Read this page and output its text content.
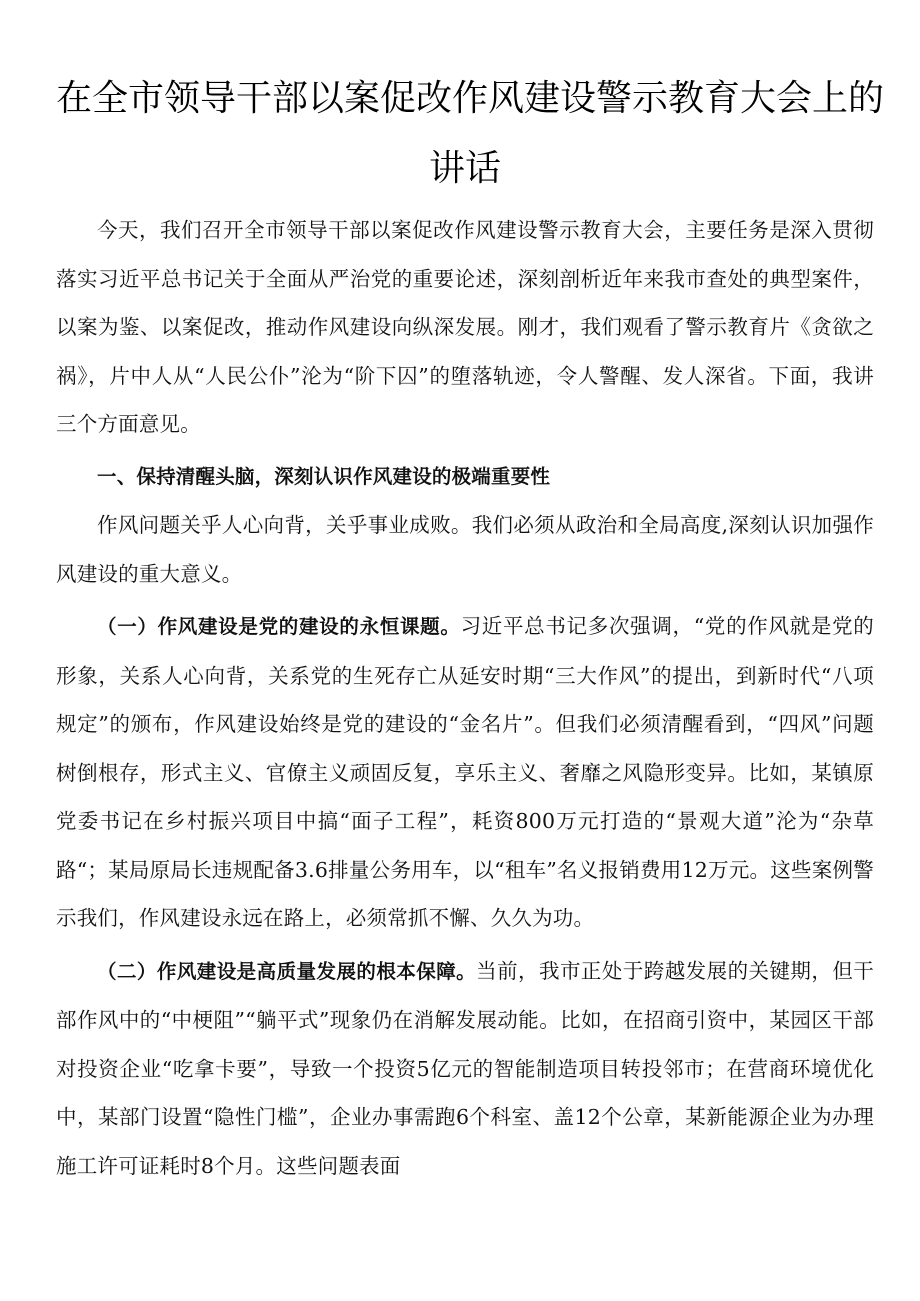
在全市领导干部以案促改作风建设警示教育大会上的
讲话

今天，我们召开全市领导干部以案促改作风建设警示教育大会，主要任务是深入贯彻落实习近平总书记关于全面从严治党的重要论述，深刻剖析近年来我市查处的典型案件，以案为鉴、以案促改，推动作风建设向纵深发展。刚才，我们观看了警示教育片《贪欲之祸》，片中人从“人民公仆”沦为“阶下囚”的堕落轨迹，令人警醒、发人深省。下面，我讲三个方面意见。

一、保持清醒头脑，深刻认识作风建设的极端重要性

作风问题关乎人心向背，关乎事业成败。我们必须从政治和全局高度,深刻认识加强作风建设的重大意义。

（一）作风建设是党的建设的永恒课题。习近平总书记多次强调，“党的作风就是党的形象，关系人心向背，关系党的生死存亡从延安时期“三大作风”的提出，到新时代“八项规定”的颁布，作风建设始终是党的建设的“金名片”。但我们必须清醒看到，“四风”问题树倒根存，形式主义、官僚主义顽固反复，享乐主义、奢靡之风隐形变异。比如，某镇原党委书记在乡村振兴项目中搞“面子工程”，耗资800万元打造的“景观大道”沦为“杂草路“；某局原局长违规配备3.6排量公务用车，以“租车”名义报销费用12万元。这些案例警示我们，作风建设永远在路上，必须常抓不懈、久久为功。

（二）作风建设是高质量发展的根本保障。当前，我市正处于跨越发展的关键期，但干部作风中的“中梗阻”“躺平式”现象仍在消解发展动能。比如，在招商引资中，某园区干部对投资企业“吃拿卡要”，导致一个投资5亿元的智能制造项目转投邻市；在营商环境优化中，某部门设置“隐性门槛”，企业办事需跑6个科室、盖12个公章，某新能源企业为办理施工许可证耗时8个月。这些问题表面
